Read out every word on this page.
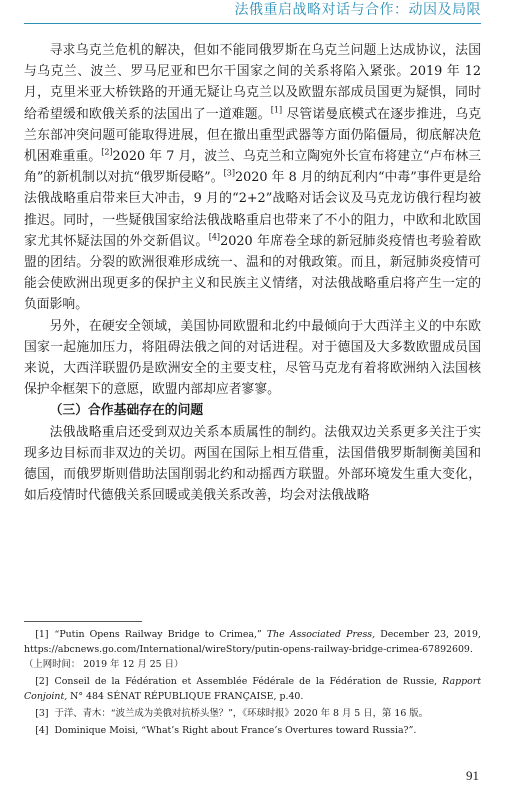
法俄重启战略对话与合作：动因及局限

寻求乌克兰危机的解决，但如不能同俄罗斯在乌克兰问题上达成协议，法国与乌克兰、波兰、罗马尼亚和巴尔干国家之间的关系将陷入紧张。2019 年 12 月，克里米亚大桥铁路的开通无疑让乌克兰以及欧盟东部成员国更为疑惧，同时给希望缓和欧俄关系的法国出了一道难题。[1] 尽管诺曼底模式在逐步推进，乌克兰东部冲突问题可能取得进展，但在撤出重型武器等方面仍陷僵局，彻底解决危机困难重重。[2]2020 年 7 月，波兰、乌克兰和立陶宛外长宣布将建立“卢布林三角”的新机制以对抗“俄罗斯侵略”。[3]2020 年 8 月的纳瓦利内“中毒”事件更是给法俄战略重启带来巨大冲击，9 月的“2+2”战略对话会议及马克龙访俄行程均被推迟。同时，一些疑俄国家给法俄战略重启也带来了不小的阻力，中欧和北欧国家尤其怀疑法国的外交新倡议。[4]2020 年席卷全球的新冠肺炎疫情也考验着欧盟的团结。分裂的欧洲很难形成统一、温和的对俄政策。而且，新冠肺炎疫情可能会使欧洲出现更多的保护主义和民族主义情绪，对法俄战略重启将产生一定的负面影响。

另外，在硬安全领域，美国协同欧盟和北约中最倾向于大西洋主义的中东欧国家一起施加压力，将阻碍法俄之间的对话进程。对于德国及大多数欧盟成员国来说，大西洋联盟仍是欧洲安全的主要支柱，尽管马克龙有着将欧洲纳入法国核保护伞框架下的意愿，欧盟内部却应者寥寥。

（三）合作基础存在的问题

法俄战略重启还受到双边关系本质属性的制约。法俄双边关系更多关注于实现多边目标而非双边的关切。两国在国际上相互借重，法国借俄罗斯制衡美国和德国，而俄罗斯则借助法国削弱北约和动摇西方联盟。外部环境发生重大变化，如后疫情时代德俄关系回暖或美俄关系改善，均会对法俄战略

[1] “Putin Opens Railway Bridge to Crimea,” The Associated Press, December 23, 2019, https://abcnews.go.com/International/wireStory/putin-opens-railway-bridge-crimea-67892609.（上网时间： 2019 年 12 月 25 日）

[2] Conseil de la Fédération et Assemblée Fédérale de la Fédération de Russie, Rapport Conjoint, N° 484 SÉNAT RÉPUBLIQUE FRANÇAISE, p.40.

[3] 于洋、青木：“波兰成为美俄对抗桥头堡？”，《环球时报》2020 年 8 月 5 日，第 16 版。

[4] Dominique Moisi, “What’s Right about France’s Overtures toward Russia?”.

91
